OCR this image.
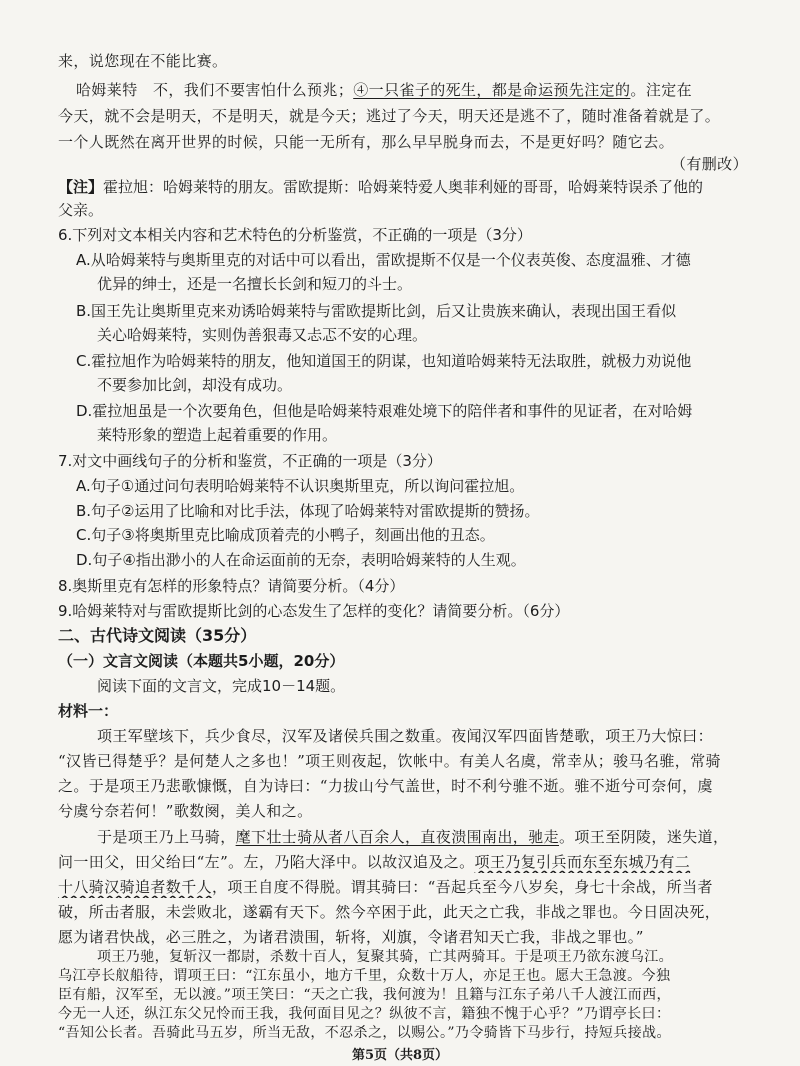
来，说您现在不能比赛。
哈姆莱特　 不，我们不要害怕什么预兆；④一只雀子的死生，都是命运预先注定的。注定在
今天，就不会是明天，不是明天，就是今天；逃过了今天，明天还是逃不了，随时准备着就是了。
一个人既然在离开世界的时候，只能一无所有，那么早早脱身而去，不是更好吗？随它去。
（有删改）
【注】霍拉旭：哈姆莱特的朋友。雷欧提斯：哈姆莱特爱人奥菲利娅的哥哥，哈姆莱特误杀了他的
父亲。
6.下列对文本相关内容和艺术特色的分析鉴赏，不正确的一项是（3分）
A.从哈姆莱特与奥斯里克的对话中可以看出，雷欧提斯不仅是一个仪表英俊、态度温雅、才德
优异的绅士，还是一名擅长长剑和短刀的斗士。
B.国王先让奥斯里克来劝诱哈姆莱特与雷欧提斯比剑，后又让贵族来确认，表现出国王看似
关心哈姆莱特，实则伪善狠毒又忐忑不安的心理。
C.霍拉旭作为哈姆莱特的朋友，他知道国王的阴谋，也知道哈姆莱特无法取胜，就极力劝说他
不要参加比剑，却没有成功。
D.霍拉旭虽是一个次要角色，但他是哈姆莱特艰难处境下的陪伴者和事件的见证者，在对哈姆
莱特形象的塑造上起着重要的作用。
7.对文中画线句子的分析和鉴赏，不正确的一项是（3分）
A.句子①通过问句表明哈姆莱特不认识奥斯里克，所以询问霍拉旭。
B.句子②运用了比喻和对比手法，体现了哈姆莱特对雷欧提斯的赞扬。
C.句子③将奥斯里克比喻成顶着壳的小鸭子，刻画出他的丑态。
D.句子④指出渺小的人在命运面前的无奈，表明哈姆莱特的人生观。
8.奥斯里克有怎样的形象特点？请简要分析。（4分）
9.哈姆莱特对与雷欧提斯比剑的心态发生了怎样的变化？请简要分析。（6分）
二、古代诗文阅读（35分）
（一）文言文阅读（本题共5小题，20分）
阅读下面的文言文，完成10－14题。
材料一：
项王军壁垓下，兵少食尽，汉军及诸侯兵围之数重。夜闻汉军四面皆楚歌，项王乃大惊曰：
“汉皆已得楚乎？是何楚人之多也！”项王则夜起，饮帐中。有美人名虞，常幸从；骏马名骓，常骑
之。于是项王乃悲歌慷慨，自为诗曰：“力拔山兮气盖世，时不利兮骓不逝。骓不逝兮可奈何，虞
兮虞兮奈若何！”歌数阕，美人和之。
于是项王乃上马骑，麾下壮士骑从者八百余人，直夜溃围南出，驰走。项王至阴陵，迷失道，
问一田父，田父绐曰“左”。左，乃陷大泽中。以故汉追及之。项王乃复引兵而东至东城乃有二
十八骑汉骑追者数千人，项王自度不得脱。谓其骑曰：“吾起兵至今八岁矣，身七十余战，所当者
破，所击者服，未尝败北，遂霸有天下。然今卒困于此，此天之亡我，非战之罪也。今日固决死，
愿为诸君快战，必三胜之，为诸君溃围，斩将，刈旗，令诸君知天亡我，非战之罪也。”
项王乃驰，复斩汉一都尉，杀数十百人，复聚其骑，亡其两骑耳。于是项王乃欲东渡乌江。
乌江亭长舣船待，谓项王曰：“江东虽小，地方千里，众数十万人，亦足王也。愿大王急渡。今独
第5页（共8页）
臣有船，汉军至，无以渡。”项王笑曰：“天之亡我，我何渡为！且籍与江东子弟八千人渡江而西，
今无一人还，纵江东父兄怜而王我，我何面目见之？纵彼不言，籍独不愧于心乎？”乃谓亭长曰：
“吾知公长者。吾骑此马五岁，所当无敌，不忍杀之，以赐公。”乃令骑皆下马步行，持短兵接战。
